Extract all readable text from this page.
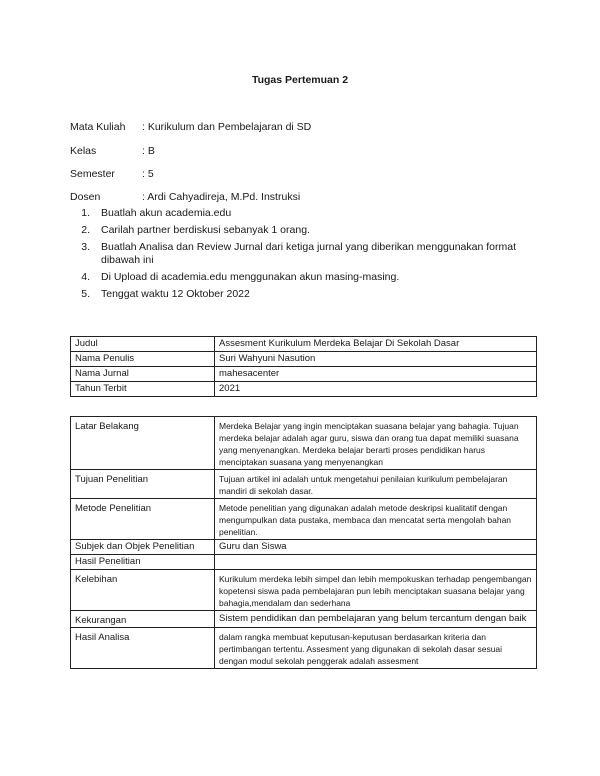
Tugas Pertemuan 2
Mata Kuliah	: Kurikulum dan Pembelajaran di SD
Kelas	: B
Semester	: 5
Dosen	: Ardi Cahyadireja, M.Pd. Instruksi
1.	Buatlah akun academia.edu
2.	Carilah partner berdiskusi sebanyak 1 orang.
3.	Buatlah Analisa dan Review Jurnal dari ketiga jurnal yang diberikan menggunakan format dibawah ini
4.	Di Upload di academia.edu menggunakan akun masing-masing.
5.	Tenggat waktu 12 Oktober 2022
Judul	Assesment Kurikulum Merdeka Belajar Di Sekolah Dasar
Nama Penulis	Suri Wahyuni Nasution
Nama Jurnal	mahesacenter
Tahun Terbit	2021
Latar Belakang	Merdeka Belajar yang ingin menciptakan suasana belajar yang bahagia. Tujuan merdeka belajar adalah agar guru, siswa dan orang tua dapat memiliki suasana yang menyenangkan. Merdeka belajar berarti proses pendidikan harus menciptakan suasana yang menyenangkan
Tujuan Penelitian	Tujuan artikel ini adalah untuk mengetahui penilaian kurikulum pembelajaran mandiri di sekolah dasar.
Metode Penelitian	Metode penelitian yang digunakan adalah metode deskripsi kualitatif dengan mengumpulkan data pustaka, membaca dan mencatat serta mengolah bahan penelitian.
Subjek dan Objek Penelitian	Guru dan Siswa
Hasil Penelitian	
Kelebihan	Kurikulum merdeka lebih simpel dan lebih mempokuskan terhadap pengembangan kopetensi siswa pada pembelajaran pun lebih menciptakan suasana belajar yang bahagia,mendalam dan sederhana
Kekurangan	Sistem pendidikan dan pembelajaran yang belum tercantum dengan baik
Hasil Analisa	dalam rangka membuat keputusan-keputusan berdasarkan kriteria dan pertimbangan tertentu. Assesment yang digunakan di sekolah dasar sesuai dengan modul sekolah penggerak adalah assesment
